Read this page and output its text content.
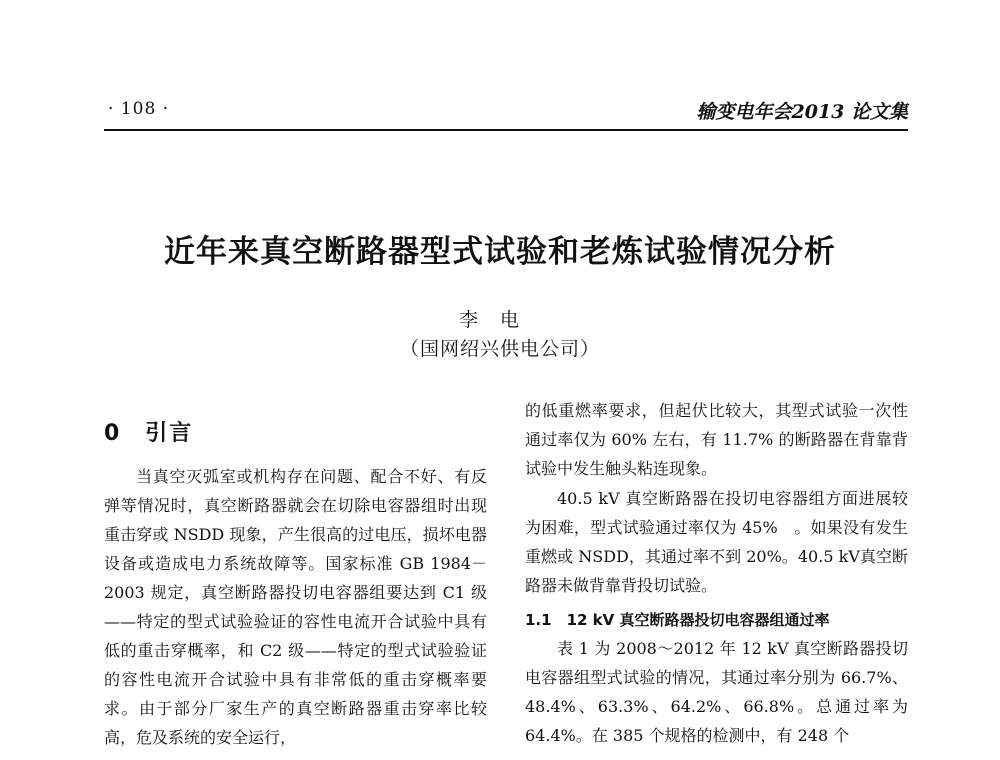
· 108 ·	输变电年会2013 论文集
近年来真空断路器型式试验和老炼试验情况分析
李电
（国网绍兴供电公司）
0　引言

当真空灭弧室或机构存在问题、配合不好、有反弹等情况时，真空断路器就会在切除电容器组时出现重击穿或 NSDD 现象，产生很高的过电压，损坏电器设备或造成电力系统故障等。国家标准 GB 1984－2003 规定，真空断路器投切电容器组要达到 C1 级——特定的型式试验验证的容性电流开合试验中具有低的重击穿概率，和 C2 级——特定的型式试验验证的容性电流开合试验中具有非常低的重击穿概率要求。由于部分厂家生产的真空断路器重击穿率比较高，危及系统的安全运行，

的低重燃率要求，但起伏比较大，其型式试验一次性通过率仅为 60% 左右，有 11.7% 的断路器在背靠背试验中发生触头粘连现象。

40.5 kV 真空断路器在投切电容器组方面进展较为困难，型式试验通过率仅为 45%　。如果没有发生重燃或 NSDD，其通过率不到 20%。40.5 kV真空断路器未做背靠背投切试验。

1.1　12 kV 真空断路器投切电容器组通过率

表 1 为 2008～2012 年 12 kV 真空断路器投切电容器组型式试验的情况，其通过率分别为 66.7%、48.4%、63.3%、64.2%、66.8%。总通过率为 64.4%。在 385 个规格的检测中，有 248 个
